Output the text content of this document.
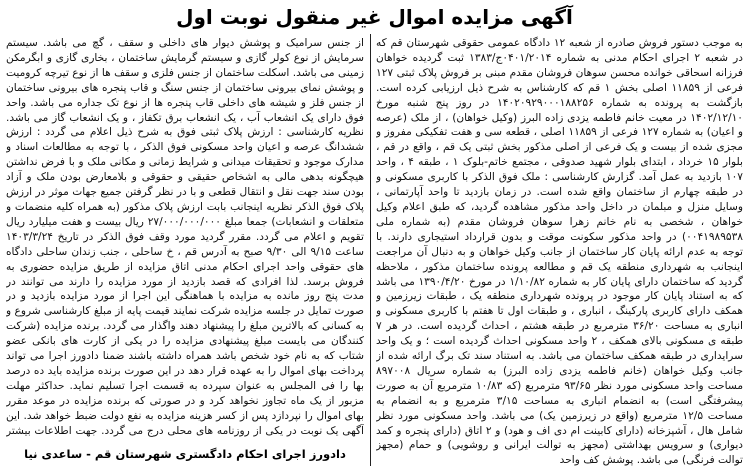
آگهی مزایده اموال غیر منقول نوبت اول

به موجب دستور فروش صادره از شعبه ۱۲ دادگاه عمومی حقوقی شهرستان قم که در شعبه ۲ اجرای احکام مدنی به شماره ۰۴۰۱/۲۰۱۴ج/۱۳۸۳ ثبت گردیده خواهان فرزانه اسحاقی خوانده محسن سوهان فروشان مقدم مبنی بر فروش پلاک ثبتی ۱۲۷ فرعی از ۱۱۸۵۹ اصلی بخش ۱ قم که کارشناس به شرح ذیل ارزیابی کرده است. بازگشت به پرونده به شماره ۱۴۰۲۰۹۲۹۰۰۰۱۸۸۲۵۶ در روز پنج شنبه مورخ ۱۴۰۲/۱۲/۱۰ در معیت خانم فاطمه یزدی زاده البرز (وکیل خواهان) ، از ملک (عرصه و اعیان) به شماره ۱۲۷ فرعی از ۱۱۸۵۹ اصلی ، قطعه سی و هفت تفکیکی مفروز و مجزی شده از بیست و یک فرعی از اصلی مذکور بخش ثبتی یک قم ، واقع در قم ، بلوار ۱۵ خرداد ، ابتدای بلوار شهید صدوقی ، مجتمع خاتم-بلوک ۱ ، طبقه ۴ ، واحد ۱۰۷ بازدید به عمل آمد. گزارش کارشناسی : ملک فوق الذکر با کاربری مسکونی و در طبقه چهارم از ساختمان واقع شده است. در زمان بازدید تا واحد آپارتمانی ، وسایل منزل و مبلمان در داخل واحد مذکور مشاهده گردید، که طبق اعلام وکیل خواهان ، شخصی به نام خانم زهرا سوهان فروشان مقدم (به شماره ملی ۰۰۴۱۹۸۹۵۳۸) در واحد مذکور سکونت موقت و بدون قرارداد استیجاری دارند. با توجه به عدم ارائه پایان کار ساختمان از جانب وکیل خواهان و به دنبال آن مراجعت اینجانب به شهرداری منطقه یک قم و مطالعه پرونده ساختمان مذکور ، ملاحظه گردید که ساختمان دارای پایان کار به شماره ۱/۱۰/۸۲ در مورخ ۱۳۹۰/۴/۲۰ می باشد که به استناد پایان کار موجود در پرونده شهرداری منطقه یک ، طبقات زیرزمین و همکف دارای کاربری پارکینگ ، انباری ، و طبقات اول تا هفتم با کاربری مسکونی و انباری به مساحت ۳۶/۲۰ مترمربع در طبقه هشتم ، احداث گردیده است. در هر ۷ طبقه ی مسکونی بالای همکف ، ۲ واحد مسکونی احداث گردیده است ؛ و یک واحد سرایداری در طبقه همکف ساختمان می باشد. به استناد سند تک برگ ارائه شده از جانب وکیل خواهان (خانم فاطمه یزدی زاده البرز) به شماره سریال ۸۹۷۰۰۸ مساحت واحد مسکونی مورد نظر ۹۳/۶۵ مترمربع (که ۱۰/۸۳ مترمربع آن به صورت پیشرفتگی است) به انضمام انباری به مساحت ۳/۱۵ مترمربع و به انضمام به مساحت ۱۲/۵ مترمربع (واقع در زیرزمین یک) می باشد. واحد مسکونی مورد نظر شامل هال ، آشپزخانه (دارای کابینت ام دی اف و هود) و ۲ اتاق (دارای پنجره و کمد دیواری) و سرویس بهداشتی (مجهز به توالت ایرانی و روشویی) و حمام (مجهز توالت فرنگی) می باشد. پوشش کف واحد

از جنس سرامیک و پوشش دیوار های داخلی و سقف ، گچ می باشد. سیستم سرمایش از نوع کولر گازی و سیستم گرمایش ساختمان ، بخاری گازی و ابگرمکن زمینی می باشد. اسکلت ساختمان از جنس فلزی و سقف ها از نوع تیرچه کرومیت و پوشش نمای بیرونی ساختمان از جنس سنگ و قاب پنجره های بیرونی ساختمان از جنس فلز و شیشه های داخلی قاب پنجره ها از نوع تک جداره می باشد. واحد فوق دارای یک انشعاب آب ، یک انشعاب برق تکفاز ، و یک انشعاب گاز می باشد. نظریه کارشناسی : ارزش پلاک ثبتی فوق به شرح ذیل اعلام می گردد : ارزش ششدانگ عرصه و اعیان واحد مسکونی فوق الذکر ، با توجه به مطالعات اسناد و مدارک موجود و تحقیقات میدانی و شرایط زمانی و مکانی ملک و با فرض نداشتن هیچگونه بدهی مالی به اشخاص حقیقی و حقوقی و بلامعارض بودن ملک و آزاد بودن سند جهت نقل و انتقال قطعی و با در نظر گرفتن جمیع جهات موثر در ارزش پلاک فوق الذکر نظریه اینجانب بابت ارزش پلاک مذکور (به همراه کلیه منضمات و متعلقات و انشعابات) جمعا مبلغ ۲۷/۰۰۰/۰۰۰/۰۰۰ ریال بیست و هفت میلیارد ریال تقویم و اعلام می گردد. مقرر گردید مورد وقف فوق الذکر در تاریخ ۱۴۰۳/۳/۲۴ ساعت ۹/۱۵ الی ۹/۳۰ صبح به آدرس قم ، خ ساحلی ، جنب زندان ساحلی دادگاه های حقوقی واحد اجرای احکام مدنی اتاق مزایده از طریق مزایده حضوری به فروش برسد. لذا افرادی که قصد بازدید از مورد مزایده را دارند می توانند در مدت پنج روز مانده به مزایده با هماهنگی این اجرا از مورد مزایده بازدید و در صورت تمایل در جلسه مزایده شرکت نمایند قیمت پایه از مبلغ کارشناسی شروع و به کسانی که بالاترین مبلغ را پیشنهاد دهند واگذار می گردد. برنده مزایده (شرکت کنندگان می بایست مبلغ پیشنهادی مزایده را در یکی از کارت های بانکی عضو شتاب که به نام خود شخص باشد همراه داشته باشند ضمنا دادورز اجرا می تواند پرداخت بهای اموال را به عهده قرار دهد در این صورت برنده مزایده باید ده درصد بها را فی المجلس به عنوان سپرده به قسمت اجرا تسلیم نماید. حداکثر مهلت مزبور از یک ماه تجاوز نخواهد کرد و در صورتی که برنده مزایده در موعد مقرر بهای اموال را نپردازد پس از کسر هزینه مزایده به نفع دولت ضبط خواهد شد. این آگهی یک نوبت در یکی از روزنامه های محلی درج می گردد. جهت اطلاعات بیشتر

دادورز اجرای احکام دادگستری شهرستان قم - ساعدی نیا
